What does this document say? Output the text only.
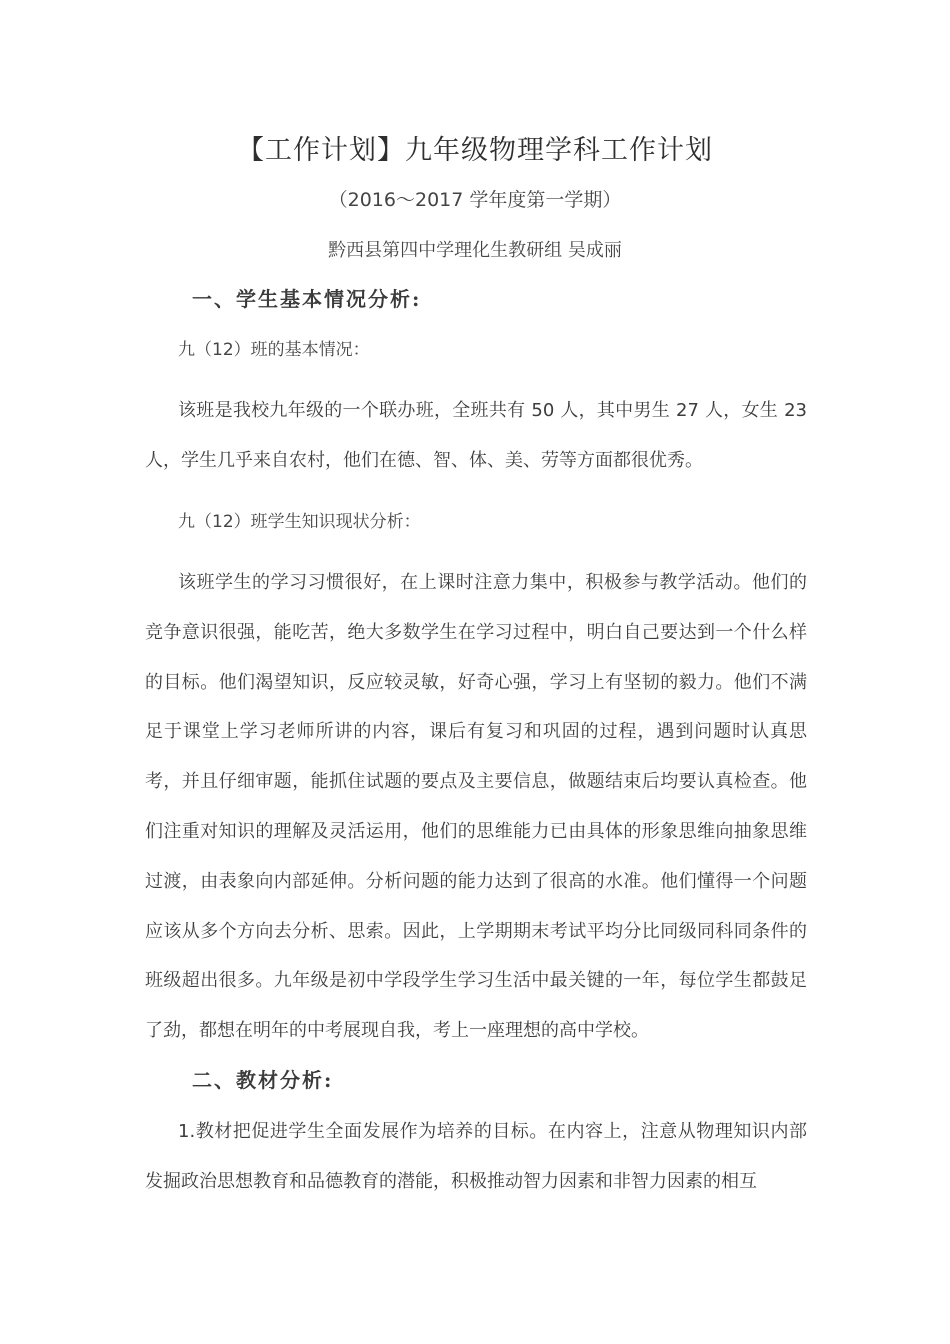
【工作计划】九年级物理学科工作计划
（2016～2017 学年度第一学期）
黔西县第四中学理化生教研组 吴成丽
一、学生基本情况分析:
九（12）班的基本情况：

该班是我校九年级的一个联办班，全班共有 50 人，其中男生 27 人，女生 23 人，学生几乎来自农村，他们在德、智、体、美、劳等方面都很优秀。

九（12）班学生知识现状分析：

该班学生的学习习惯很好，在上课时注意力集中，积极参与教学活动。他们的竞争意识很强，能吃苦，绝大多数学生在学习过程中，明白自己要达到一个什么样的目标。他们渴望知识，反应较灵敏，好奇心强，学习上有坚韧的毅力。他们不满足于课堂上学习老师所讲的内容，课后有复习和巩固的过程，遇到问题时认真思考，并且仔细审题，能抓住试题的要点及主要信息，做题结束后均要认真检查。他们注重对知识的理解及灵活运用，他们的思维能力已由具体的形象思维向抽象思维过渡，由表象向内部延伸。分析问题的能力达到了很高的水准。他们懂得一个问题应该从多个方向去分析、思索。因此，上学期期末考试平均分比同级同科同条件的班级超出很多。九年级是初中学段学生学习生活中最关键的一年，每位学生都鼓足了劲，都想在明年的中考展现自我，考上一座理想的高中学校。

二、教材分析:

1.教材把促进学生全面发展作为培养的目标。在内容上，注意从物理知识内部发掘政治思想教育和品德教育的潜能，积极推动智力因素和非智力因素的相互
